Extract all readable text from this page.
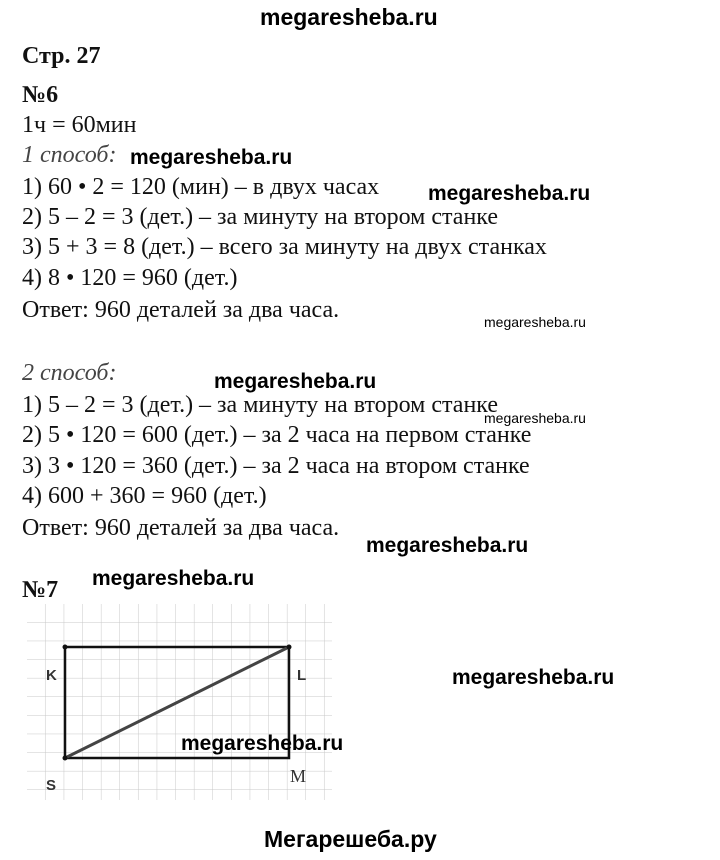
megaresheba.ru
Стр. 27
№6
1ч = 60мин
1 способ:
1) 60 • 2 = 120 (мин) – в двух часах
2) 5 – 2 = 3 (дет.) – за минуту на втором станке
3) 5 + 3 = 8 (дет.) – всего за минуту на двух станках
4) 8 • 120 = 960 (дет.)
Ответ: 960 деталей за два часа.
2 способ:
1) 5 – 2 = 3 (дет.) – за минуту на втором станке
2) 5 • 120 = 600 (дет.) – за 2 часа на первом станке
3) 3 • 120 = 360 (дет.) – за 2 часа на втором станке
4) 600 + 360 = 960 (дет.)
Ответ: 960 деталей за два часа.
№7
megaresheba.ru
megaresheba.ru
megaresheba.ru
megaresheba.ru
megaresheba.ru
megaresheba.ru
megaresheba.ru
megaresheba.ru
K	L
S	M
megaresheba.ru
Мегарешеба.ру
